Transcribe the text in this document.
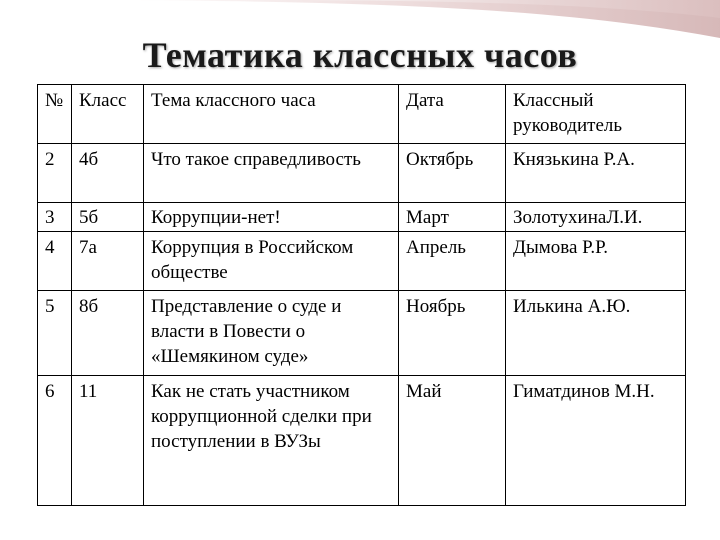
Тематика классных часов
№	Класс	Тема классного часа	Дата	Классный руководитель
2	4б	Что такое справедливость	Октябрь	Князькина Р.А.
3	5б	Коррупции-нет!	Март	ЗолотухинаЛ.И.
4	7а	Коррупция в Российском обществе	Апрель	Дымова Р.Р.
5	8б	Представление о суде и власти в Повести о «Шемякином суде»	Ноябрь	Илькина А.Ю.
6	11	Как не стать участником коррупционной сделки при поступлении в ВУЗы	Май	Гиматдинов М.Н.
